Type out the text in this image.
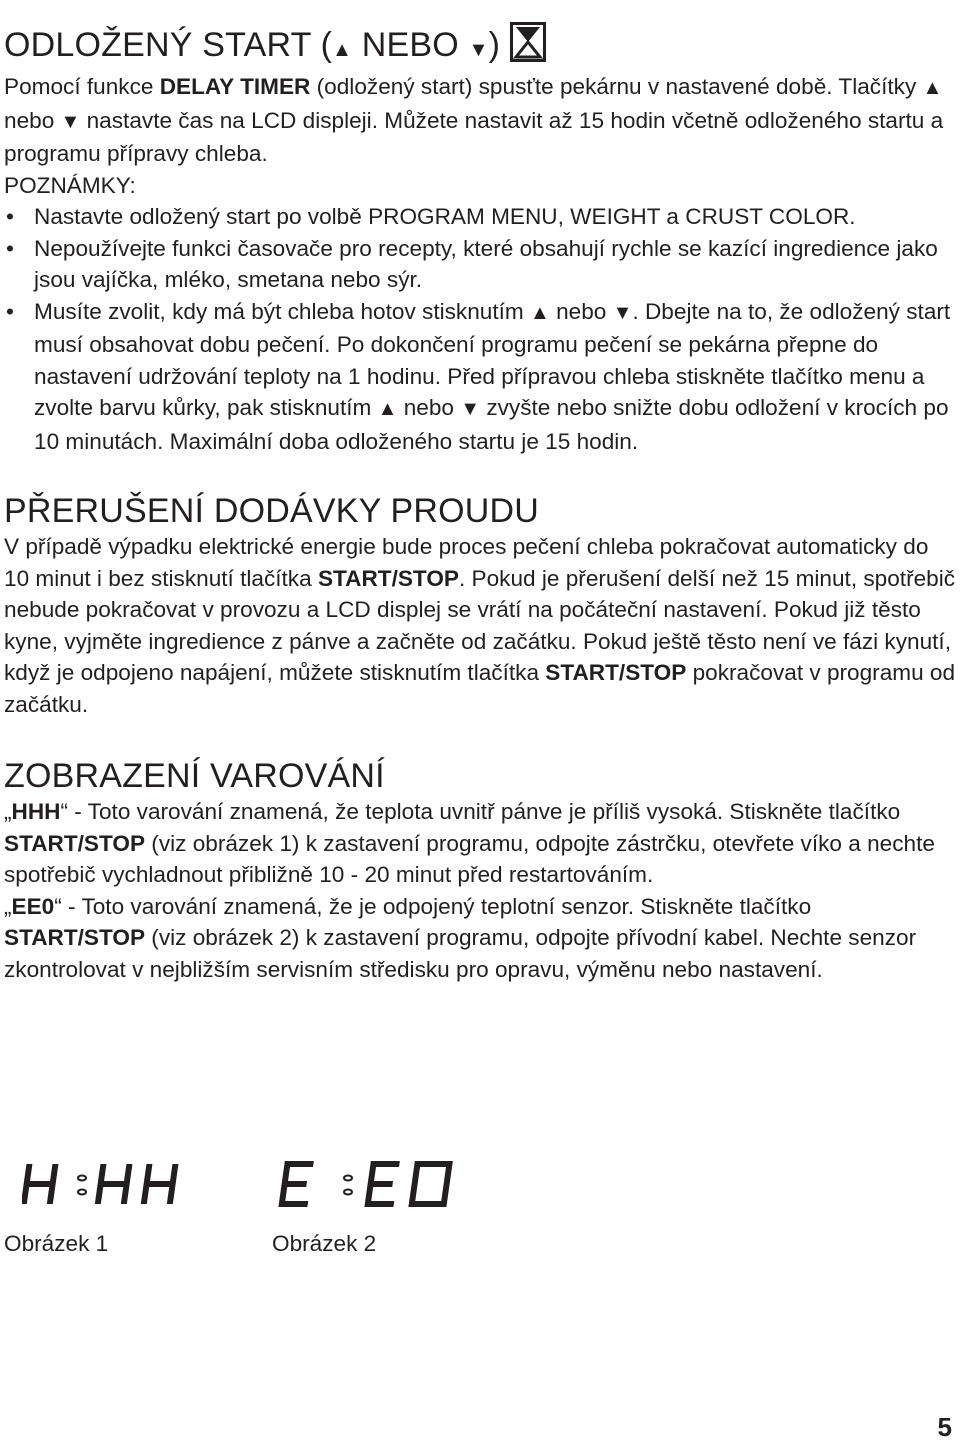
ODLOŽENÝ START (▲ NEBO ▼)

Pomocí funkce DELAY TIMER (odložený start) spusťte pekárnu v nastavené době. Tlačítky ▲ nebo ▼ nastavte čas na LCD displeji. Můžete nastavit až 15 hodin včetně odloženého startu a programu přípravy chleba.

POZNÁMKY:

• Nastavte odložený start po volbě PROGRAM MENU, WEIGHT a CRUST COLOR.
• Nepoužívejte funkci časovače pro recepty, které obsahují rychle se kazící ingredience jako jsou vajíčka, mléko, smetana nebo sýr.
• Musíte zvolit, kdy má být chleba hotov stisknutím ▲ nebo ▼. Dbejte na to, že odložený start musí obsahovat dobu pečení. Po dokončení programu pečení se pekárna přepne do nastavení udržování teploty na 1 hodinu. Před přípravou chleba stiskněte tlačítko menu a zvolte barvu kůrky, pak stisknutím ▲ nebo ▼ zvyšte nebo snižte dobu odložení v krocích po 10 minutách. Maximální doba odloženého startu je 15 hodin.
PŘERUŠENÍ DODÁVKY PROUDU

V případě výpadku elektrické energie bude proces pečení chleba pokračovat automaticky do 10 minut i bez stisknutí tlačítka START/STOP. Pokud je přerušení delší než 15 minut, spotřebič nebude pokračovat v provozu a LCD displej se vrátí na počáteční nastavení. Pokud již těsto kyne, vyjměte ingredience z pánve a začněte od začátku. Pokud ještě těsto není ve fázi kynutí, když je odpojeno napájení, můžete stisknutím tlačítka START/STOP pokračovat v programu od začátku.

ZOBRAZENÍ VAROVÁNÍ

„HHH“ - Toto varování znamená, že teplota uvnitř pánve je příliš vysoká. Stiskněte tlačítko START/STOP (viz obrázek 1) k zastavení programu, odpojte zástrčku, otevřete víko a nechte spotřebič vychladnout přibližně 10 - 20 minut před restartováním.

„EE0“ - Toto varování znamená, že je odpojený teplotní senzor. Stiskněte tlačítko START/STOP (viz obrázek 2) k zastavení programu, odpojte přívodní kabel. Nechte senzor zkontrolovat v nejbližším servisním středisku pro opravu, výměnu nebo nastavení.

Obrázek 1	Obrázek 2
5
